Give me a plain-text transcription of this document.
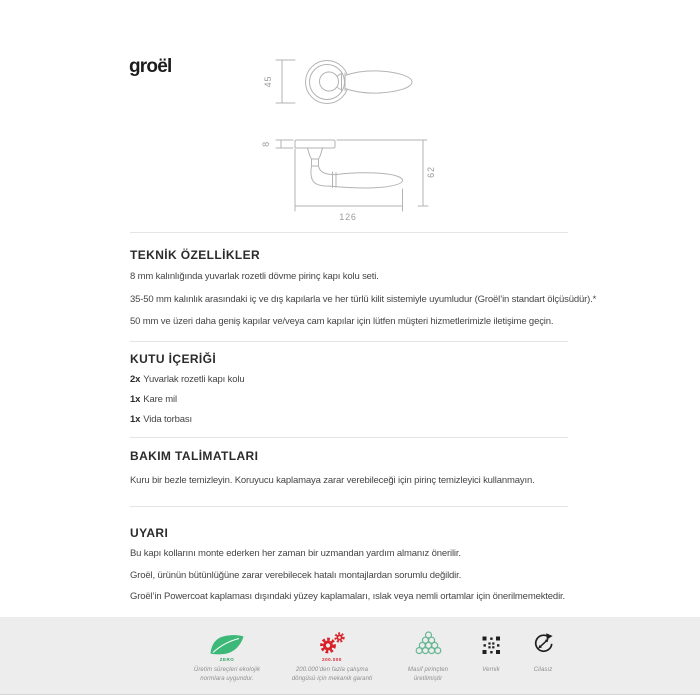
groël
45
8
62
126
TEKNİK ÖZELLİKLER
8 mm kalınlığında yuvarlak rozetli dövme pirinç kapı kolu seti.
35-50 mm kalınlık arasındaki iç ve dış kapılarla ve her türlü kilit sistemiyle uyumludur (Groël’in standart ölçüsüdür).*
50 mm ve üzeri daha geniş kapılar ve/veya cam kapılar için lütfen müşteri hizmetlerimizle iletişime geçin.
KUTU İÇERİĞİ
2x Yuvarlak rozetli kapı kolu
1x Kare mil
1x Vida torbası
BAKIM TALİMATLARI
Kuru bir bezle temizleyin. Koruyucu kaplamaya zarar verebileceği için pirinç temizleyici kullanmayın.
UYARI
Bu kapı kollarını monte ederken her zaman bir uzmandan yardım almanız önerilir.
Groël, ürünün bütünlüğüne zarar verebilecek hatalı montajlardan sorumlu değildir.
Groël’in Powercoat kaplaması dışındaki yüzey kaplamaları, ıslak veya nemli ortamlar için önerilmemektedir.
ZERO
Üretim süreçleri ekolojik
normlara uygundur.
200.000
200.000’den fazla çalışma
döngüsü için mekanik garanti
Masif pirinçten
üretilmiştir
Vernik	Cilasız
